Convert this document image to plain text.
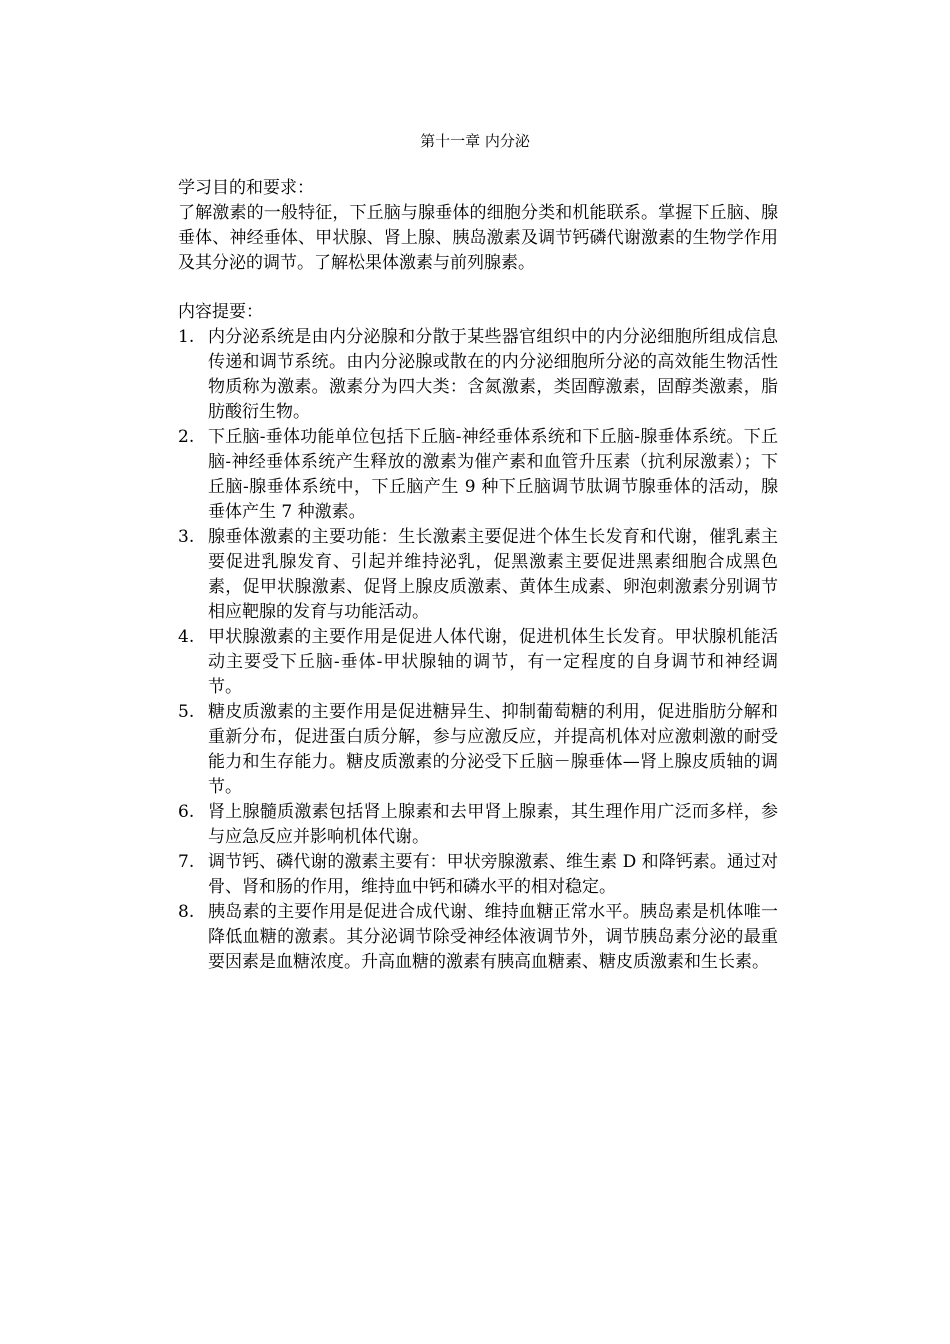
第十一章 内分泌

学习目的和要求：

了解激素的一般特征，下丘脑与腺垂体的细胞分类和机能联系。掌握下丘脑、腺垂体、神经垂体、甲状腺、肾上腺、胰岛激素及调节钙磷代谢激素的生物学作用及其分泌的调节。了解松果体激素与前列腺素。

内容提要：

1. 内分泌系统是由内分泌腺和分散于某些器官组织中的内分泌细胞所组成信息传递和调节系统。由内分泌腺或散在的内分泌细胞所分泌的高效能生物活性物质称为激素。激素分为四大类：含氮激素，类固醇激素，固醇类激素，脂肪酸衍生物。
2. 下丘脑-垂体功能单位包括下丘脑-神经垂体系统和下丘脑-腺垂体系统。下丘脑-神经垂体系统产生释放的激素为催产素和血管升压素（抗利尿激素）；下丘脑-腺垂体系统中，下丘脑产生 9 种下丘脑调节肽调节腺垂体的活动，腺垂体产生 7 种激素。
3. 腺垂体激素的主要功能：生长激素主要促进个体生长发育和代谢，催乳素主要促进乳腺发育、引起并维持泌乳，促黑激素主要促进黑素细胞合成黑色素，促甲状腺激素、促肾上腺皮质激素、黄体生成素、卵泡刺激素分别调节相应靶腺的发育与功能活动。
4. 甲状腺激素的主要作用是促进人体代谢，促进机体生长发育。甲状腺机能活动主要受下丘脑-垂体-甲状腺轴的调节，有一定程度的自身调节和神经调节。
5. 糖皮质激素的主要作用是促进糖异生、抑制葡萄糖的利用，促进脂肪分解和重新分布，促进蛋白质分解，参与应激反应，并提高机体对应激刺激的耐受能力和生存能力。糖皮质激素的分泌受下丘脑－腺垂体—肾上腺皮质轴的调节。
6. 肾上腺髓质激素包括肾上腺素和去甲肾上腺素，其生理作用广泛而多样，参与应急反应并影响机体代谢。
7. 调节钙、磷代谢的激素主要有：甲状旁腺激素、维生素 D 和降钙素。通过对骨、肾和肠的作用，维持血中钙和磷水平的相对稳定。
8. 胰岛素的主要作用是促进合成代谢、维持血糖正常水平。胰岛素是机体唯一降低血糖的激素。其分泌调节除受神经体液调节外，调节胰岛素分泌的最重要因素是血糖浓度。升高血糖的激素有胰高血糖素、糖皮质激素和生长素。
